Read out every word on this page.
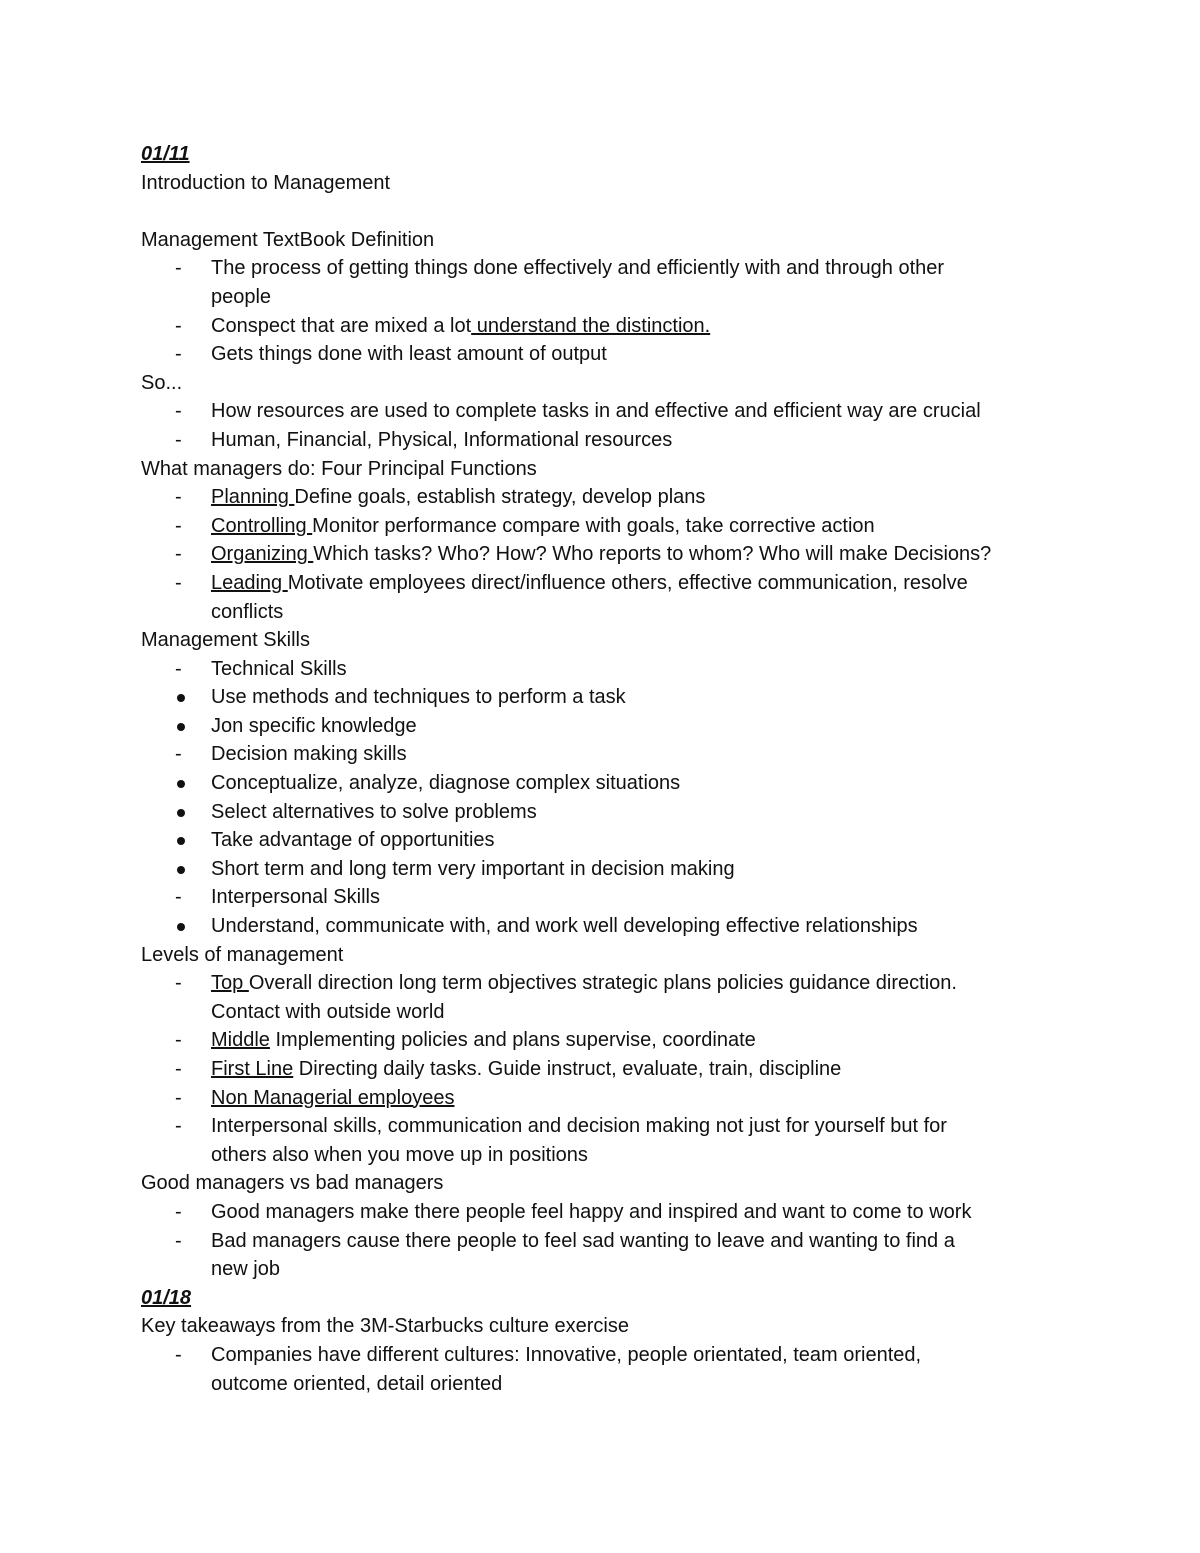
01/11
Introduction to Management
Management TextBook Definition
-	The process of getting things done effectively and efficiently with and through other
people
-	Conspect that are mixed a lot understand the distinction.
-	Gets things done with least amount of output
So...
-	How resources are used to complete tasks in and effective and efficient way are crucial
-	Human, Financial, Physical, Informational resources
What managers do: Four Principal Functions
-	Planning Define goals, establish strategy, develop plans
-	Controlling Monitor performance compare with goals, take corrective action
-	Organizing Which tasks? Who? How? Who reports to whom? Who will make Decisions?
-	Leading Motivate employees direct/influence others, effective communication, resolve
conflicts
Management Skills
-	Technical Skills
Use methods and techniques to perform a task
Jon specific knowledge
-	Decision making skills
Conceptualize, analyze, diagnose complex situations
Select alternatives to solve problems
Take advantage of opportunities
Short term and long term very important in decision making
-	Interpersonal Skills
Understand, communicate with, and work well developing effective relationships
Levels of management
-	Top Overall direction long term objectives strategic plans policies guidance direction.
Contact with outside world
-	Middle Implementing policies and plans supervise, coordinate
-	First Line Directing daily tasks. Guide instruct, evaluate, train, discipline
-	Non Managerial employees
-	Interpersonal skills, communication and decision making not just for yourself but for
others also when you move up in positions
Good managers vs bad managers
-	Good managers make there people feel happy and inspired and want to come to work
-	Bad managers cause there people to feel sad wanting to leave and wanting to find a
new job
01/18
Key takeaways from the 3M-Starbucks culture exercise
-	Companies have different cultures: Innovative, people orientated, team oriented,
outcome oriented, detail oriented
